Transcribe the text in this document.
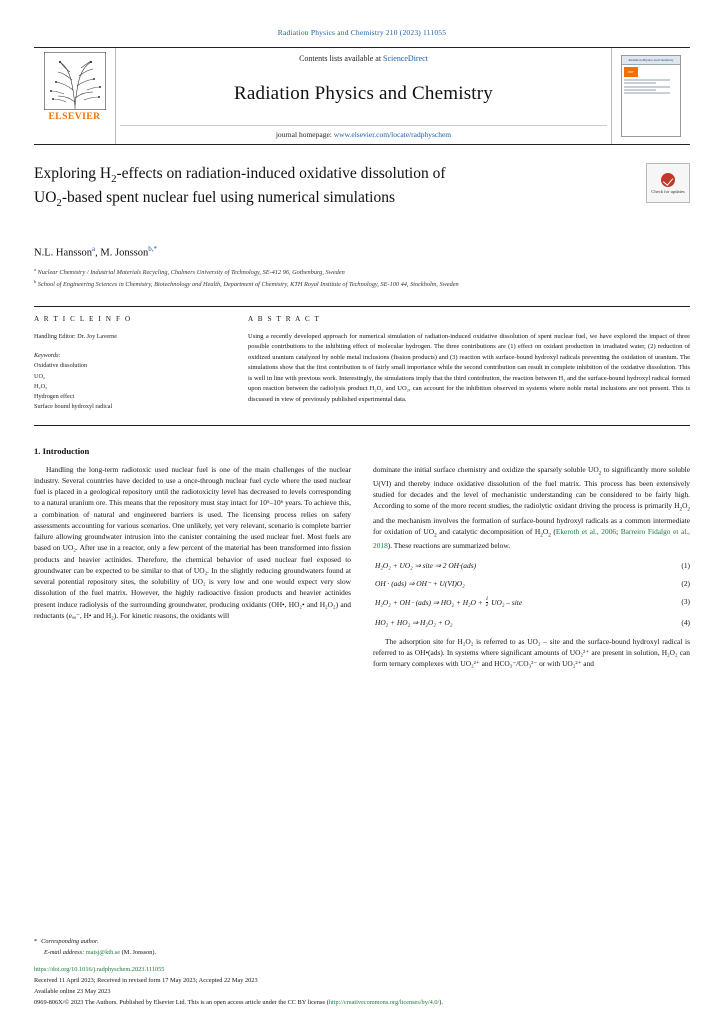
Radiation Physics and Chemistry 210 (2023) 111055
ELSEVIER
Contents lists available at ScienceDirect
Radiation Physics and Chemistry
journal homepage: www.elsevier.com/locate/radphyschem
Radiation Physics and Chemistry
PDF
Exploring $H_2$-effects on radiation-induced oxidative dissolution of
$UO_2$-based spent nuclear fuel using numerical simulations	Check for updates
N.L. Hansson$^a$, M. Jonsson$^{b,*}$
$^a$ Nuclear Chemistry / Industrial Materials Recycling, Chalmers University of Technology, SE-412 96, Gothenburg, Sweden
$^b$ School of Engineering Sciences in Chemistry, Biotechnology and Health, Department of Chemistry, KTH Royal Institute of Technology, SE-100 44, Stockholm, Sweden
A R T I C L E I N F O
Handling Editor: Dr. Joy Laverne
Keywords:
Oxidative dissolution
UO₂
H₂O₂
Hydrogen effect
Surface bound hydroxyl radical
A B S T R A C T
Using a recently developed approach for numerical simulation of radiation-induced oxidative dissolution of spent nuclear fuel, we have explored the impact of three possible contributions to the inhibiting effect of molecular hydrogen. The three contributions are (1) effect on oxidant production in irradiated water, (2) reduction of oxidized uranium catalyzed by noble metal inclusions (fission products) and (3) reaction with surface-bound hydroxyl radicals preventing the oxidation of uranium. The simulations show that the first contribution is of fairly small importance while the second contribution can result in complete inhibition of the oxidative dissolution. This is well in line with previous work. Interestingly, the simulations imply that the third contribution, the reaction between H₂ and the surface-bound hydroxyl radical formed upon reaction between the radiolysis product H₂O₂ and UO₂, can account for the inhibition observed in systems where noble metal inclusions are not present. This is discussed in view of previously published experimental data.
1. Introduction

Handling the long-term radiotoxic used nuclear fuel is one of the main challenges of the nuclear industry. Several countries have decided to use a once-through nuclear fuel cycle where the used nuclear fuel is placed in a geological repository until the radiotoxicity level has decreased to levels corresponding to a natural uranium ore. This means that the repository must stay intact for 10⁵–10⁶ years. To achieve this, a combination of natural and engineered barriers is used. The licensing process relies on safety assessments accounting for various scenarios. One unlikely, yet very relevant, scenario is complete barrier failure allowing groundwater intrusion into the canister containing the used nuclear fuel. Most fuels are based on UO₂. After use in a reactor, only a few percent of the material has been transformed into fission products and heavier actinides. Therefore, the chemical behavior of used nuclear fuel exposed to groundwater can be expected to be similar to that of UO₂. In the slightly reducing groundwaters found at several potential repository sites, the solubility of UO₂ is very low and one would expect very slow dissolution of the fuel matrix. However, the highly radioactive fission products and heavier actinides present induce radiolysis of the surrounding groundwater, producing oxidants (OH•, HO₂• and H₂O₂) and reductants (eₐₐ⁻, H• and H₂). For kinetic reasons, the oxidants will

dominate the initial surface chemistry and oxidize the sparsely soluble $UO_2$ to significantly more soluble U(VI) and thereby induce oxidative dissolution of the fuel matrix. This process has been extensively studied for decades and the level of mechanistic understanding can be considered to be fairly high. According to some of the more recent studies, the radiolytic oxidant driving the process is primarily $H_2O_2$ and the mechanism involves the formation of surface-bound hydroxyl radicals as a common intermediate for oxidation of $UO_2$ and catalytic decomposition of $H_2O_2$ (Ekeroth et al., 2006; Barreiro Fidalgo et al., 2018). These reactions are summarized below.

H₂O₂ + UO₂ ⇒ site ⇒ 2 OH·(ads)	(1)
OH · (ads) ⇒ OH⁻ + U(VI)O₂	(2)
H₂O₂ + OH · (ads) ⇒ $HO_2 + H_2O + \frac{1}{2} UO_2$ – site	(3)
HO₂ + HO₂ ⇒ H₂O₂ + O₂	(4)

The adsorption site for H₂O₂ is referred to as UO₂ – site and the surface-bound hydroxyl radical is referred to as OH•(ads). In systems where significant amounts of UO₂²⁺ are present in solution, H₂O₂ can form ternary complexes with UO₂²⁺ and HCO₃⁻/CO₃²⁻ or with UO₂²⁺ and

* Corresponding author.
E-mail address: matsj@kth.se (M. Jonsson).
https://doi.org/10.1016/j.radphyschem.2023.111055
Received 11 April 2023; Received in revised form 17 May 2023; Accepted 22 May 2023
Available online 23 May 2023
0969-806X/© 2023 The Authors. Published by Elsevier Ltd. This is an open access article under the CC BY license (http://creativecommons.org/licenses/by/4.0/).
